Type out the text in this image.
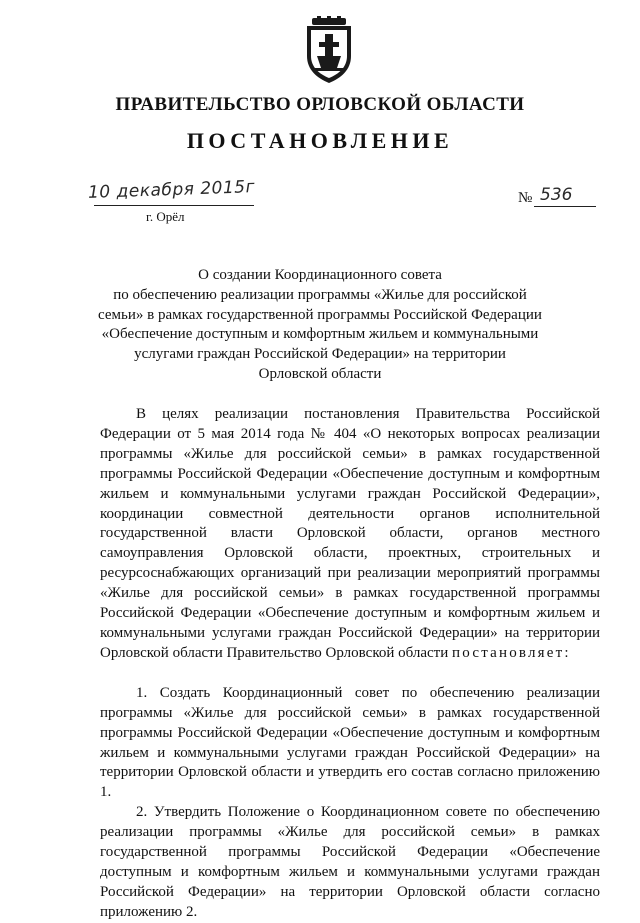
ПРАВИТЕЛЬСТВО ОРЛОВСКОЙ ОБЛАСТИ
ПОСТАНОВЛЕНИЕ
10 декабря 2015г
г. Орёл
№ 536
О создании Координационного совета
по обеспечению реализации программы «Жилье для российской
семьи» в рамках государственной программы Российской Федерации
«Обеспечение доступным и комфортным жильем и коммунальными
услугами граждан Российской Федерации» на территории
Орловской области

В целях реализации постановления Правительства Российской Федерации от 5 мая 2014 года № 404 «О некоторых вопросах реализации программы «Жилье для российской семьи» в рамках государственной программы Российской Федерации «Обеспечение доступным и комфортным жильем и коммунальными услугами граждан Российской Федерации», координации совместной деятельности органов исполнительной государственной власти Орловской области, органов местного самоуправления Орловской области, проектных, строительных и ресурсоснабжающих организаций при реализации мероприятий программы «Жилье для российской семьи» в рамках государственной программы Российской Федерации «Обеспечение доступным и комфортным жильем и коммунальными услугами граждан Российской Федерации» на территории Орловской области Правительство Орловской области постановляет:

1. Создать Координационный совет по обеспечению реализации программы «Жилье для российской семьи» в рамках государственной программы Российской Федерации «Обеспечение доступным и комфортным жильем и коммунальными услугами граждан Российской Федерации» на территории Орловской области и утвердить его состав согласно приложению 1.

2. Утвердить Положение о Координационном совете по обеспечению реализации программы «Жилье для российской семьи» в рамках государственной программы Российской Федерации «Обеспечение доступным и комфортным жильем и коммунальными услугами граждан Российской Федерации» на территории Орловской области согласно приложению 2.
